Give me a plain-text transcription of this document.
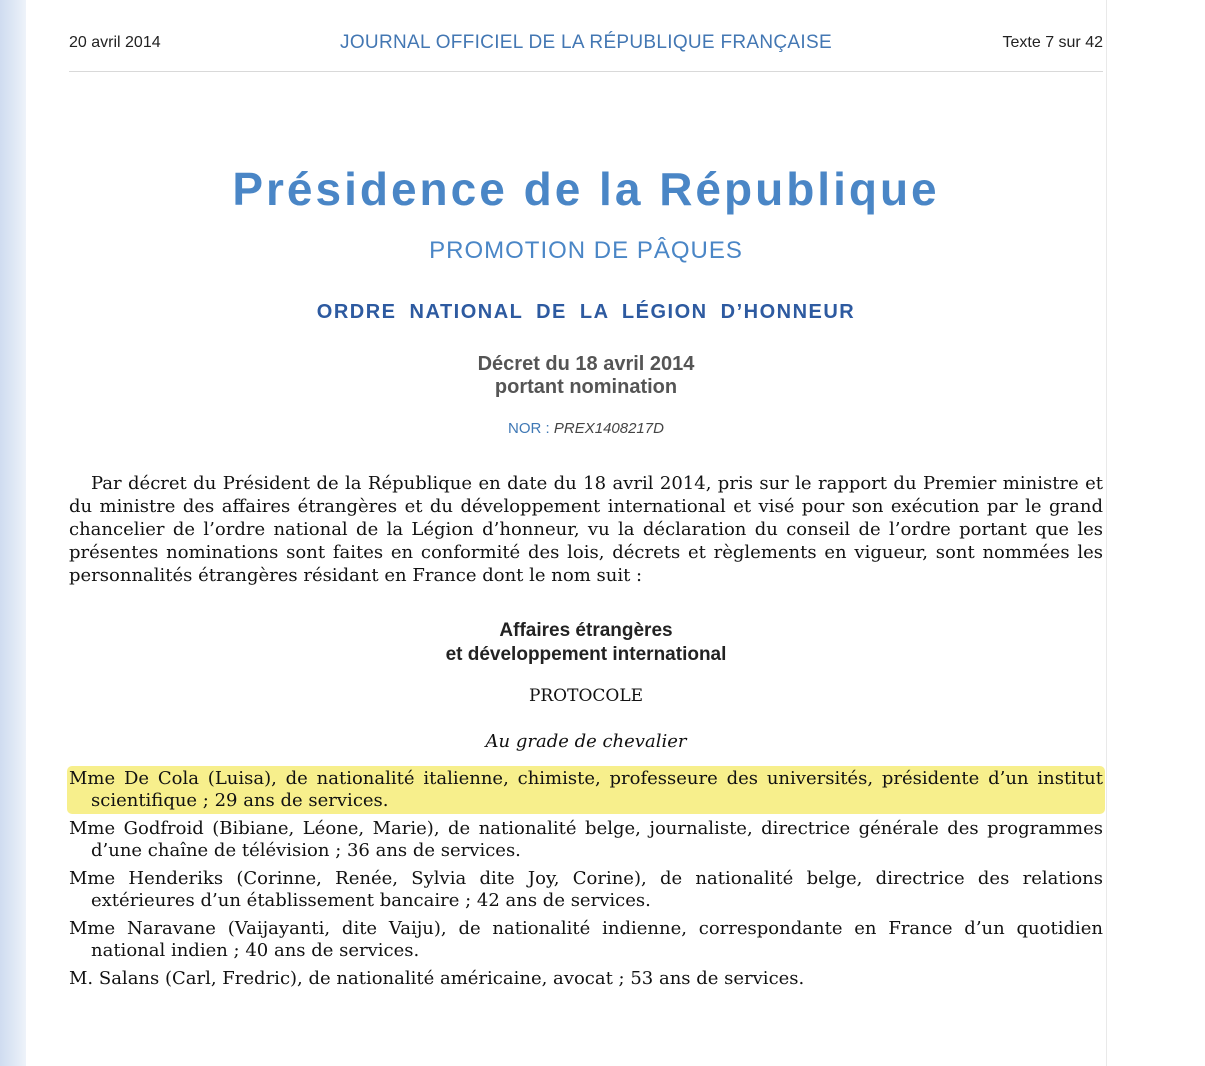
20 avril 2014	JOURNAL OFFICIEL DE LA RÉPUBLIQUE FRANÇAISE	Texte 7 sur 42
Présidence de la République
PROMOTION DE PÂQUES
ORDRE NATIONAL DE LA LÉGION D’HONNEUR
Décret du 18 avril 2014
portant nomination
NOR : PREX1408217D
Par décret du Président de la République en date du 18 avril 2014, pris sur le rapport du Premier ministre et du ministre des affaires étrangères et du développement international et visé pour son exécution par le grand chancelier de l’ordre national de la Légion d’honneur, vu la déclaration du conseil de l’ordre portant que les présentes nominations sont faites en conformité des lois, décrets et règlements en vigueur, sont nommées les personnalités étrangères résidant en France dont le nom suit :
Affaires étrangères
et développement international
PROTOCOLE
Au grade de chevalier
Mme De Cola (Luisa), de nationalité italienne, chimiste, professeure des universités, présidente d’un institut scientifique ; 29 ans de services.
Mme Godfroid (Bibiane, Léone, Marie), de nationalité belge, journaliste, directrice générale des programmes d’une chaîne de télévision ; 36 ans de services.
Mme Henderiks (Corinne, Renée, Sylvia dite Joy, Corine), de nationalité belge, directrice des relations extérieures d’un établissement bancaire ; 42 ans de services.
Mme Naravane (Vaijayanti, dite Vaiju), de nationalité indienne, correspondante en France d’un quotidien national indien ; 40 ans de services.
M. Salans (Carl, Fredric), de nationalité américaine, avocat ; 53 ans de services.
